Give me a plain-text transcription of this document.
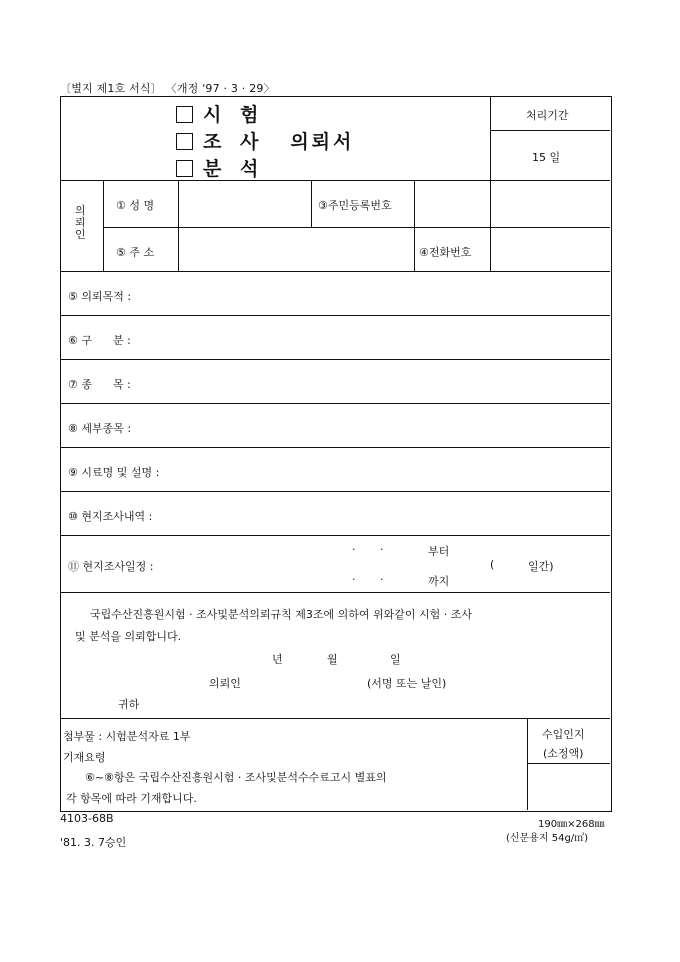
〔별지 제1호 서식〕 〈개정 '97 · 3 · 29〉
처리기간
15 일
시 험
조 사 의뢰서
분 석
의뢰인
① 성 명	③주민등록번호
⑤ 주 소	④전화번호
⑤ 의뢰목적 :
⑥ 구      분 :
⑦ 종      목 :
⑧ 세부종목 :
⑨ 시료명 및 설명 :
⑩ 현지조사내역 :
⑪ 현지조사일정 :
·       ·	부터
·       ·	까지
(	일간)
국립수산진흥원시험 · 조사및분석의뢰규칙 제3조에 의하여 위와같이 시험 · 조사
및 분석을 의뢰합니다.
년	월	일
의뢰인	(서명 또는 날인)
귀하
첨부물 : 시험분석자료 1부
기재요령
⑥~⑧항은 국립수산진흥원시험 · 조사및분석수수료고시 별표의
각 항목에 따라 기재합니다.
수입인지
(소정액)
4103-68B
'81. 3. 7승인
190㎜×268㎜
(신문용지 54g/㎡)
